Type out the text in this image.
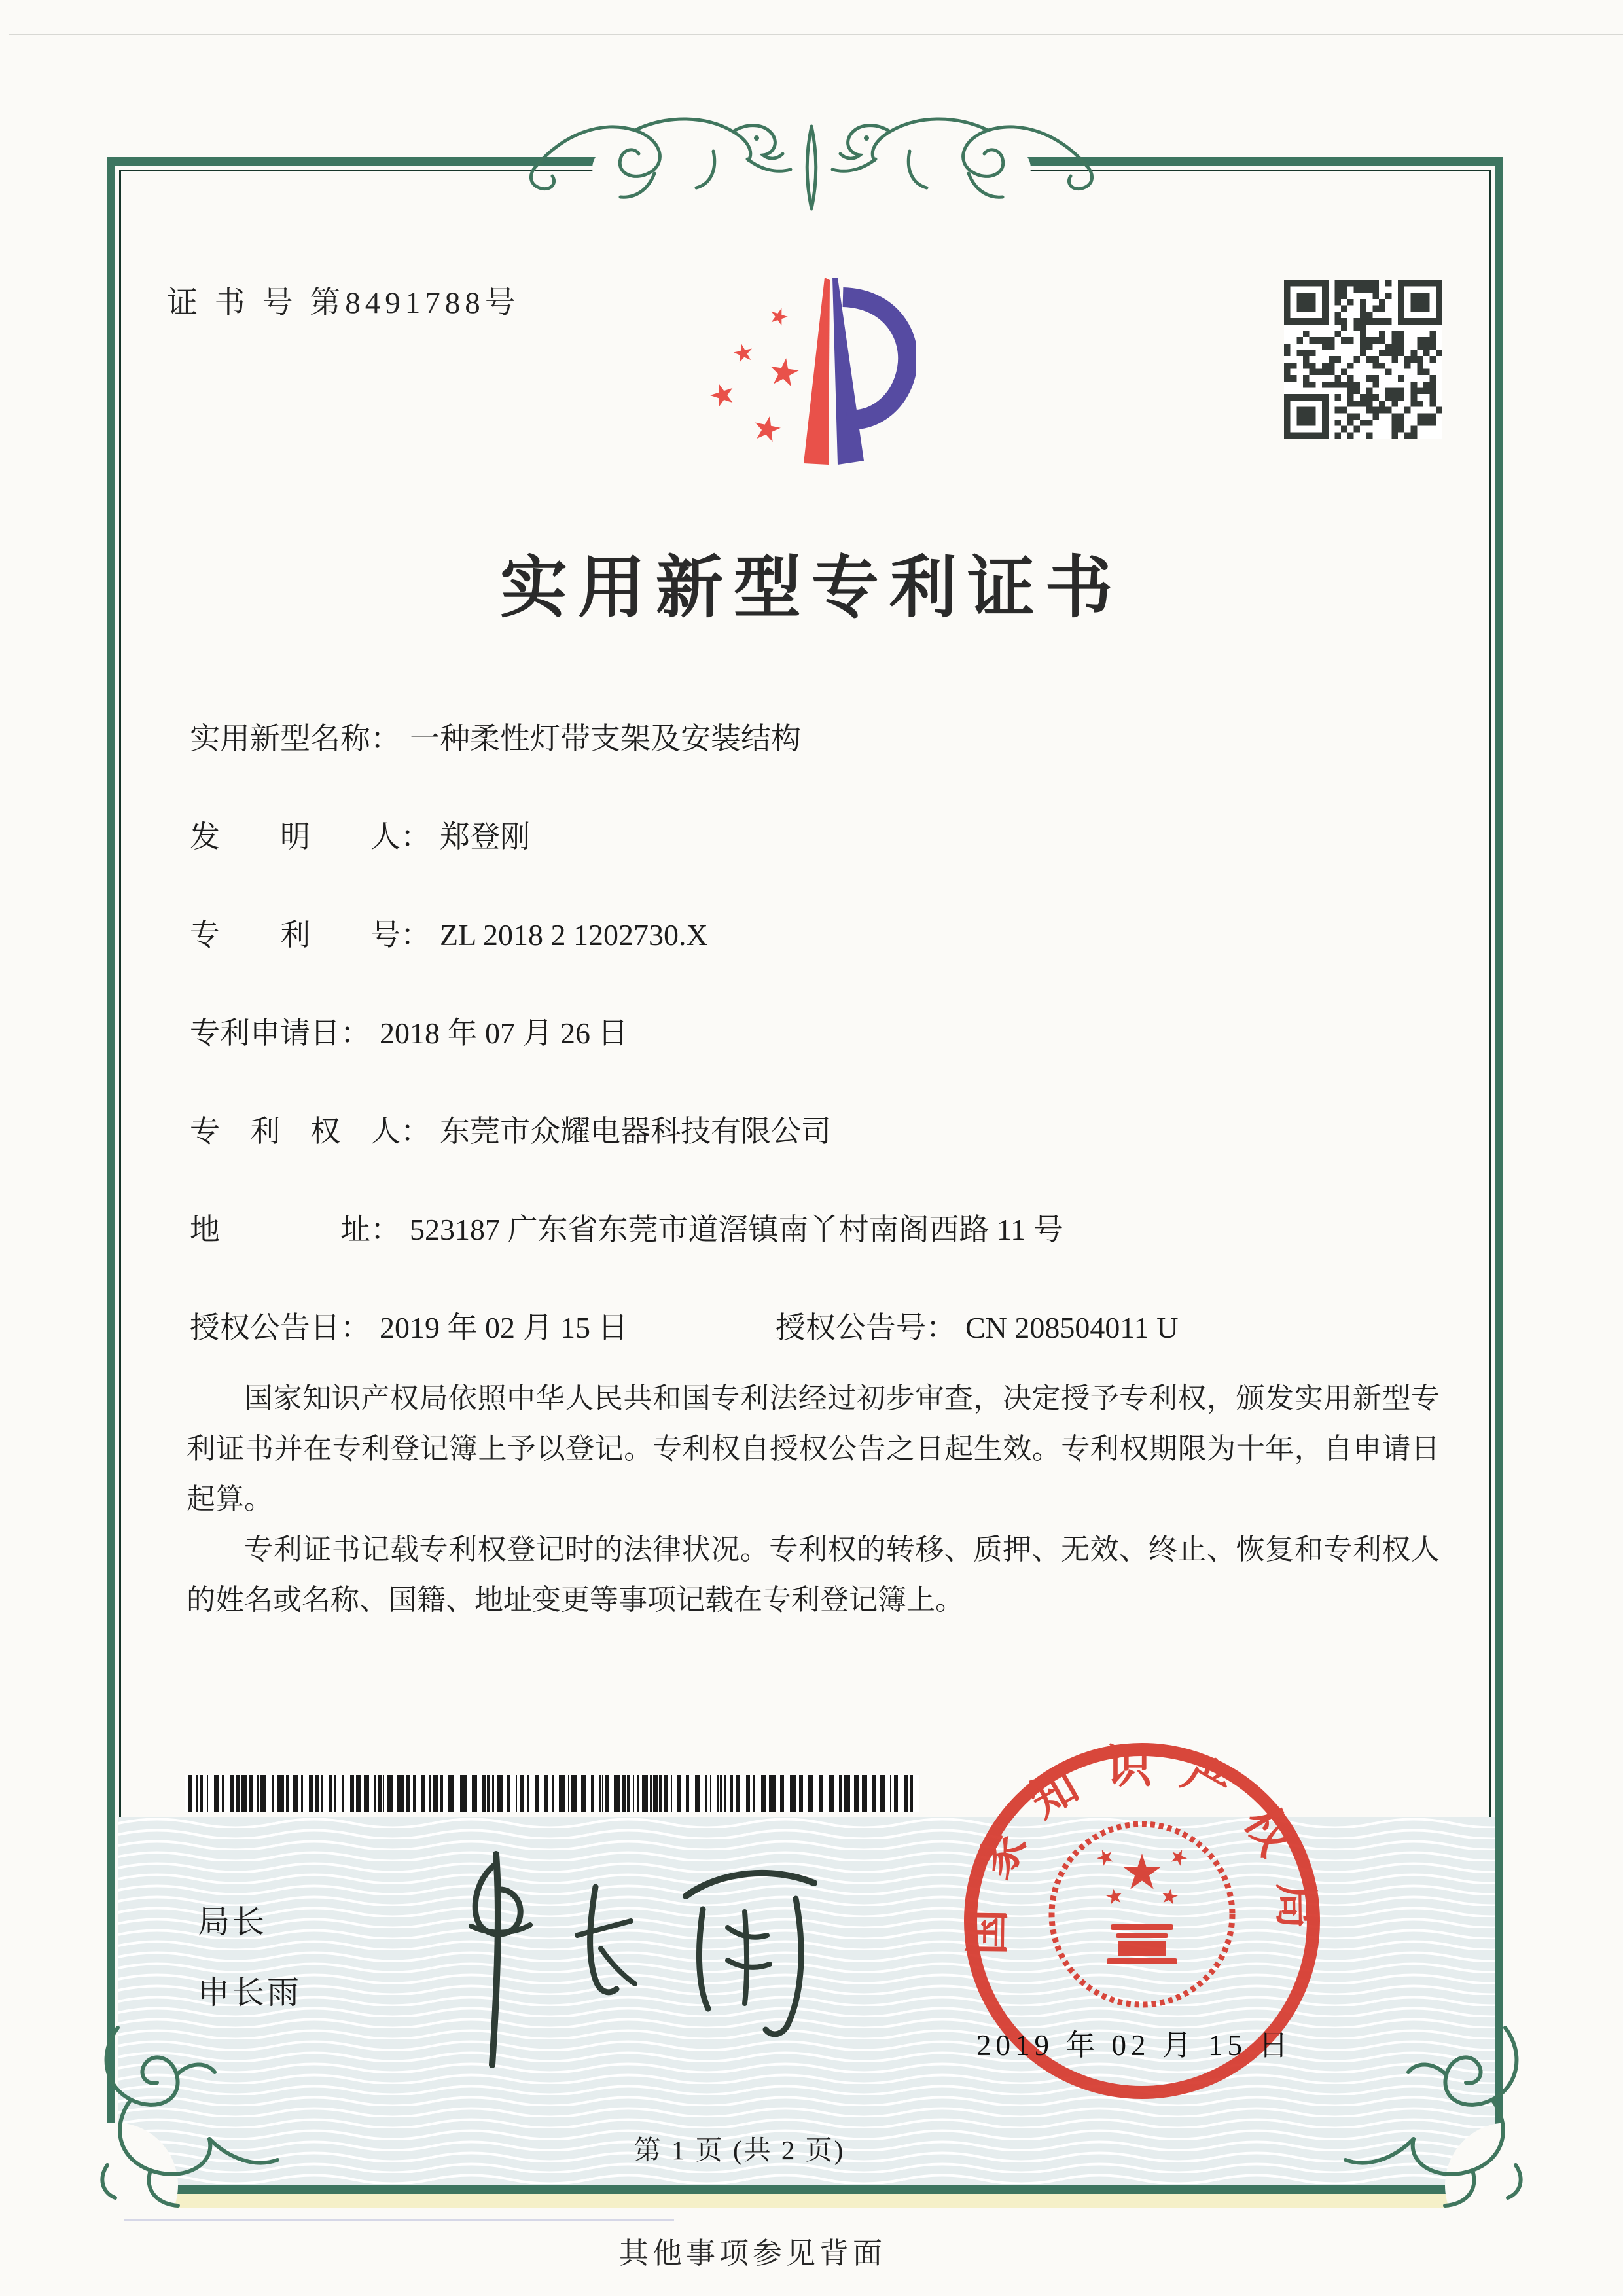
证 书 号 第8491788号
实用新型专利证书
实用新型名称： 一种柔性灯带支架及安装结构
发　　明　　人： 郑登刚
专　　利　　号： ZL 2018 2 1202730.X
专利申请日： 2018 年 07 月 26 日
专　利　权　人： 东莞市众耀电器科技有限公司
地　　　　址： 523187 广东省东莞市道滘镇南丫村南阁西路 11 号
授权公告日： 2019 年 02 月 15 日	授权公告号： CN 208504011 U

国家知识产权局依照中华人民共和国专利法经过初步审查，决定授予专利权，颁发实用新型专利证书并在专利登记簿上予以登记。专利权自授权公告之日起生效。专利权期限为十年，自申请日起算。

专利证书记载专利权登记时的法律状况。专利权的转移、质押、无效、终止、恢复和专利权人的姓名或名称、国籍、地址变更等事项记载在专利登记簿上。

局长
申长雨
国家知识产权局
2019 年 02 月 15 日
第 1 页 (共 2 页)
其他事项参见背面
